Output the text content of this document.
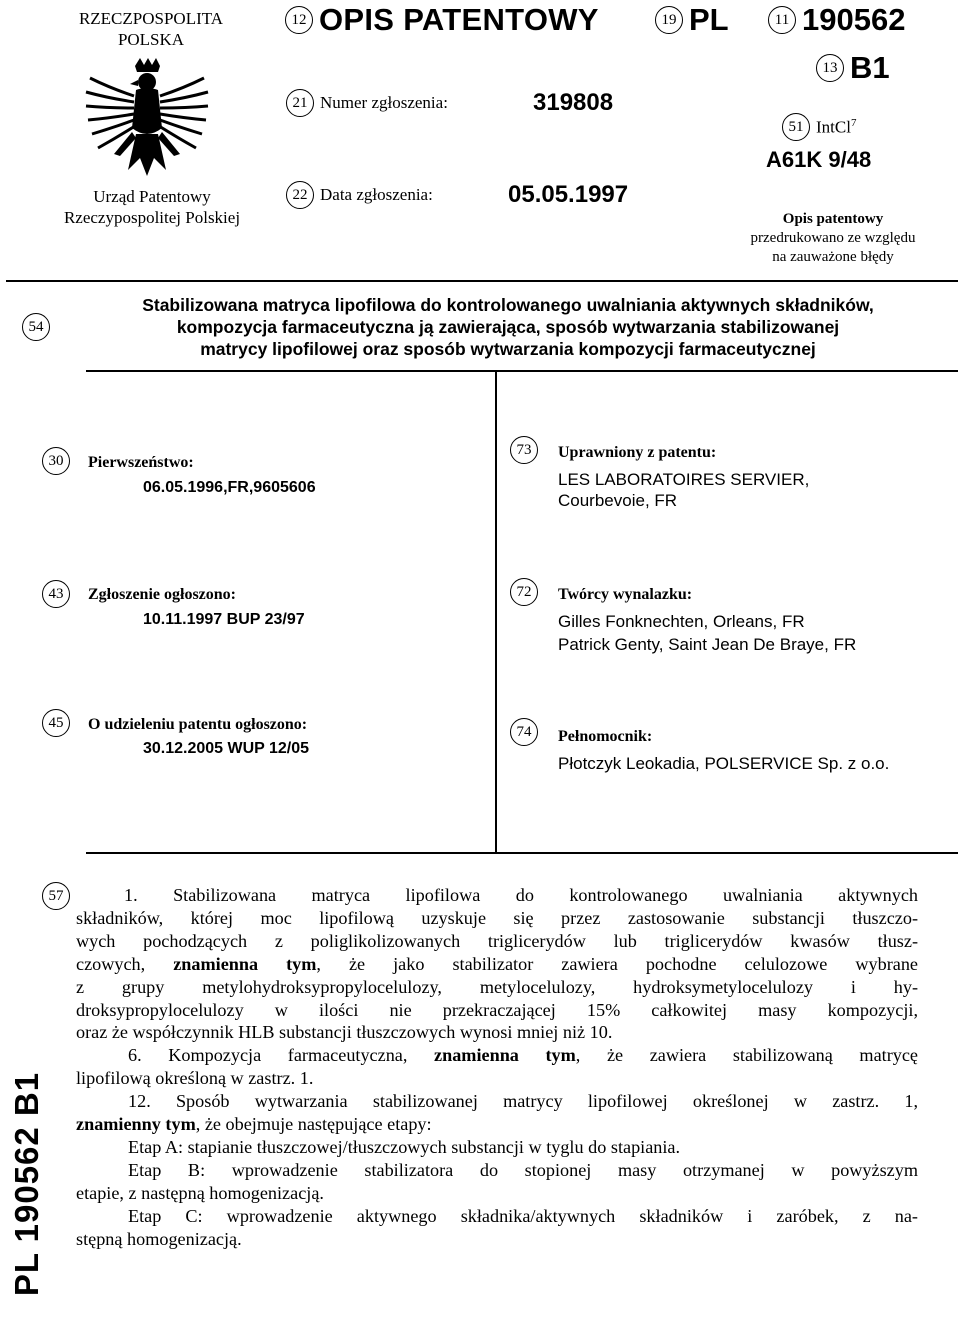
RZECZPOSPOLITA
POLSKA
Urząd Patentowy
Rzeczypospolitej Polskiej
12 OPIS PATENTOWY	19 PL	11 190562
13 B1
21 Numer zgłoszenia:	319808
22 Data zgłoszenia:	05.05.1997
51 IntCl$^7$
A61K 9/48
Opis patentowy
przedrukowano ze względu
na zauważone błędy
54
Stabilizowana matryca lipofilowa do kontrolowanego uwalniania aktywnych składników,
kompozycja farmaceutyczna ją zawierająca, sposób wytwarzania stabilizowanej
matrycy lipofilowej oraz sposób wytwarzania kompozycji farmaceutycznej
30	Pierwszeństwo:
06.05.1996,FR,9605606
43	Zgłoszenie ogłoszono:
10.11.1997 BUP 23/97
45	O udzieleniu patentu ogłoszono:
30.12.2005 WUP 12/05
73	Uprawniony z patentu:
LES LABORATOIRES SERVIER,
Courbevoie, FR
72	Twórcy wynalazku:
Gilles Fonknechten, Orleans, FR
Patrick Genty, Saint Jean De Braye, FR
74	Pełnomocnik:
Płotczyk Leokadia, POLSERVICE Sp. z o.o.
57	1. Stabilizowana matryca lipofilowa do kontrolowanego uwalniania aktywnych
składników, której moc lipofilową uzyskuje się przez zastosowanie substancji tłuszczo-
wych pochodzących z poliglikolizowanych triglicerydów lub triglicerydów kwasów tłusz-
czowych, znamienna tym, że jako stabilizator zawiera pochodne celulozowe wybrane
z grupy metylohydroksypropylocelulozy, metylocelulozy, hydroksymetylocelulozy i hy-
droksypropylocelulozy w ilości nie przekraczającej 15% całkowitej masy kompozycji,
oraz że współczynnik HLB substancji tłuszczowych wynosi mniej niż 10.

6. Kompozycja farmaceutyczna, znamienna tym, że zawiera stabilizowaną matrycę
lipofilową określoną w zastrz. 1.

12. Sposób wytwarzania stabilizowanej matrycy lipofilowej określonej w zastrz. 1,
znamienny tym, że obejmuje następujące etapy:
Etap A: stapianie tłuszczowej/tłuszczowych substancji w tyglu do stapiania.
Etap B: wprowadzenie stabilizatora do stopionej masy otrzymanej w powyższym
etapie, z następną homogenizacją.
Etap C: wprowadzenie aktywnego składnika/aktywnych składników i zaróbek, z na-
stępną homogenizacją.

PL 190562 B1
